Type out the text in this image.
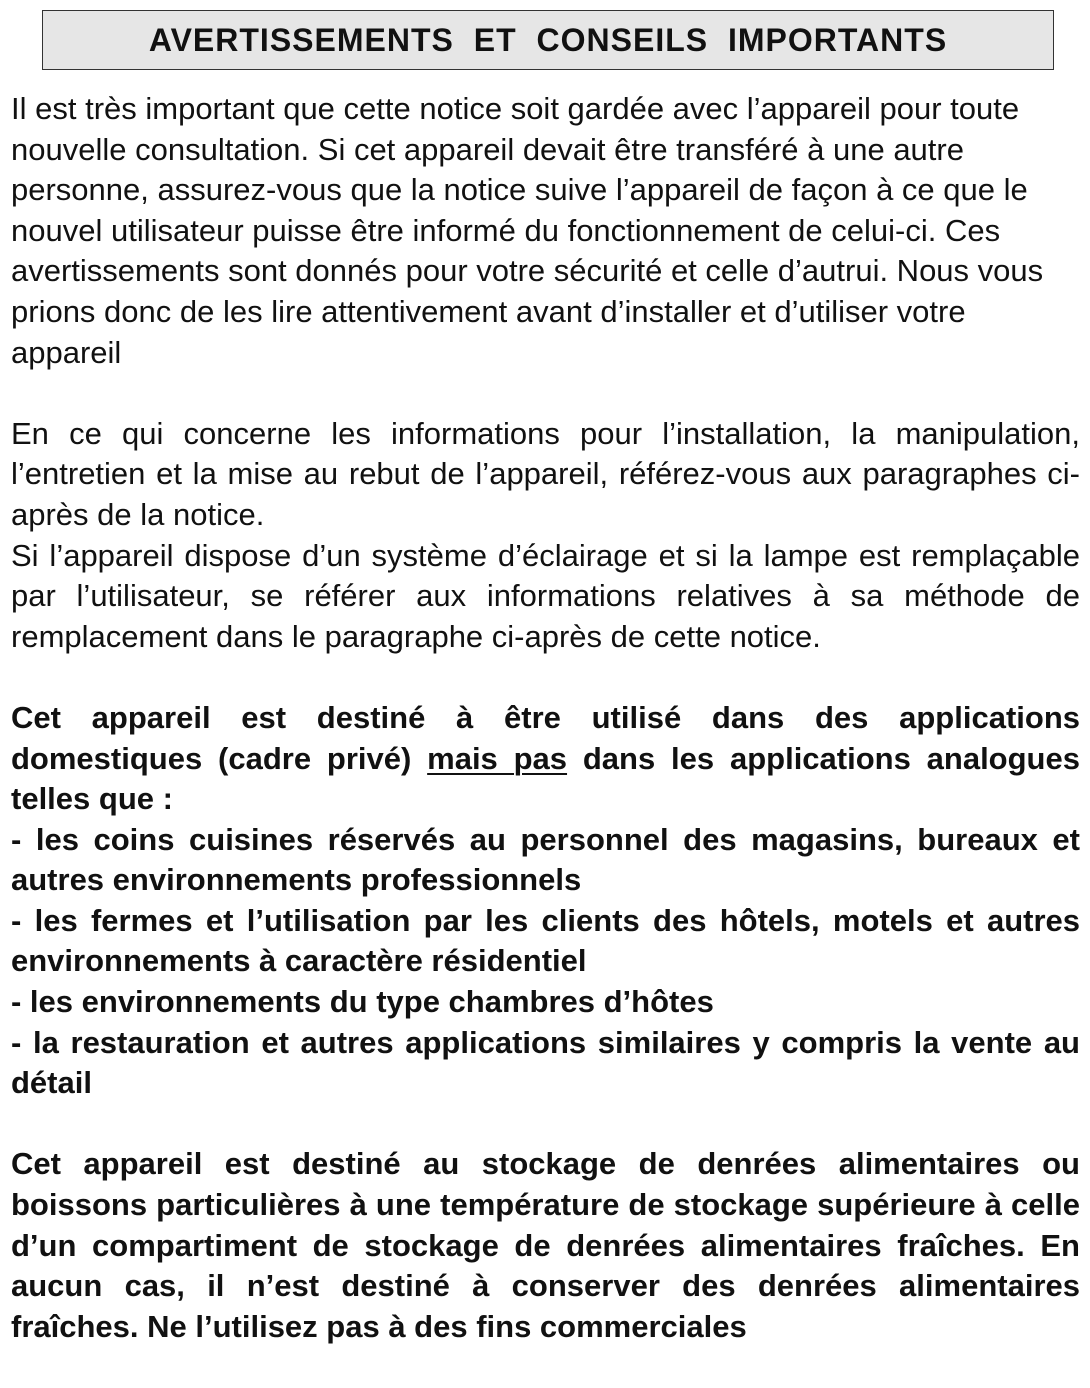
AVERTISSEMENTS ET CONSEILS IMPORTANTS

Il est très important que cette notice soit gardée avec l’appareil pour toute nouvelle consultation. Si cet appareil devait être transféré à une autre personne, assurez-vous que la notice suive l’appareil de façon à ce que le nouvel utilisateur puisse être informé du fonctionnement de celui-ci. Ces avertissements sont donnés pour votre sécurité et celle d’autrui. Nous vous prions donc de les lire attentivement avant d’installer et d’utiliser votre appareil

En ce qui concerne les informations pour l’installation, la manipulation, l’entretien et la mise au rebut de l’appareil, référez-vous aux paragraphes ci-après de la notice.

Si l’appareil dispose d’un système d’éclairage et si la lampe est remplaçable par l’utilisateur, se référer aux informations relatives à sa méthode de remplacement dans le paragraphe ci-après de cette notice.

Cet appareil est destiné à être utilisé dans des applications domestiques (cadre privé) mais pas dans les applications analogues telles que :

- les coins cuisines réservés au personnel des magasins, bureaux et autres environnements professionnels

- les fermes et l’utilisation par les clients des hôtels, motels et autres environnements à caractère résidentiel

- les environnements du type chambres d’hôtes

- la restauration et autres applications similaires y compris la vente au détail

Cet appareil est destiné au stockage de denrées alimentaires ou boissons particulières à une température de stockage supérieure à celle d’un compartiment de stockage de denrées alimentaires fraîches. En aucun cas, il n’est destiné à conserver des denrées alimentaires fraîches. Ne l’utilisez pas à des fins commerciales
